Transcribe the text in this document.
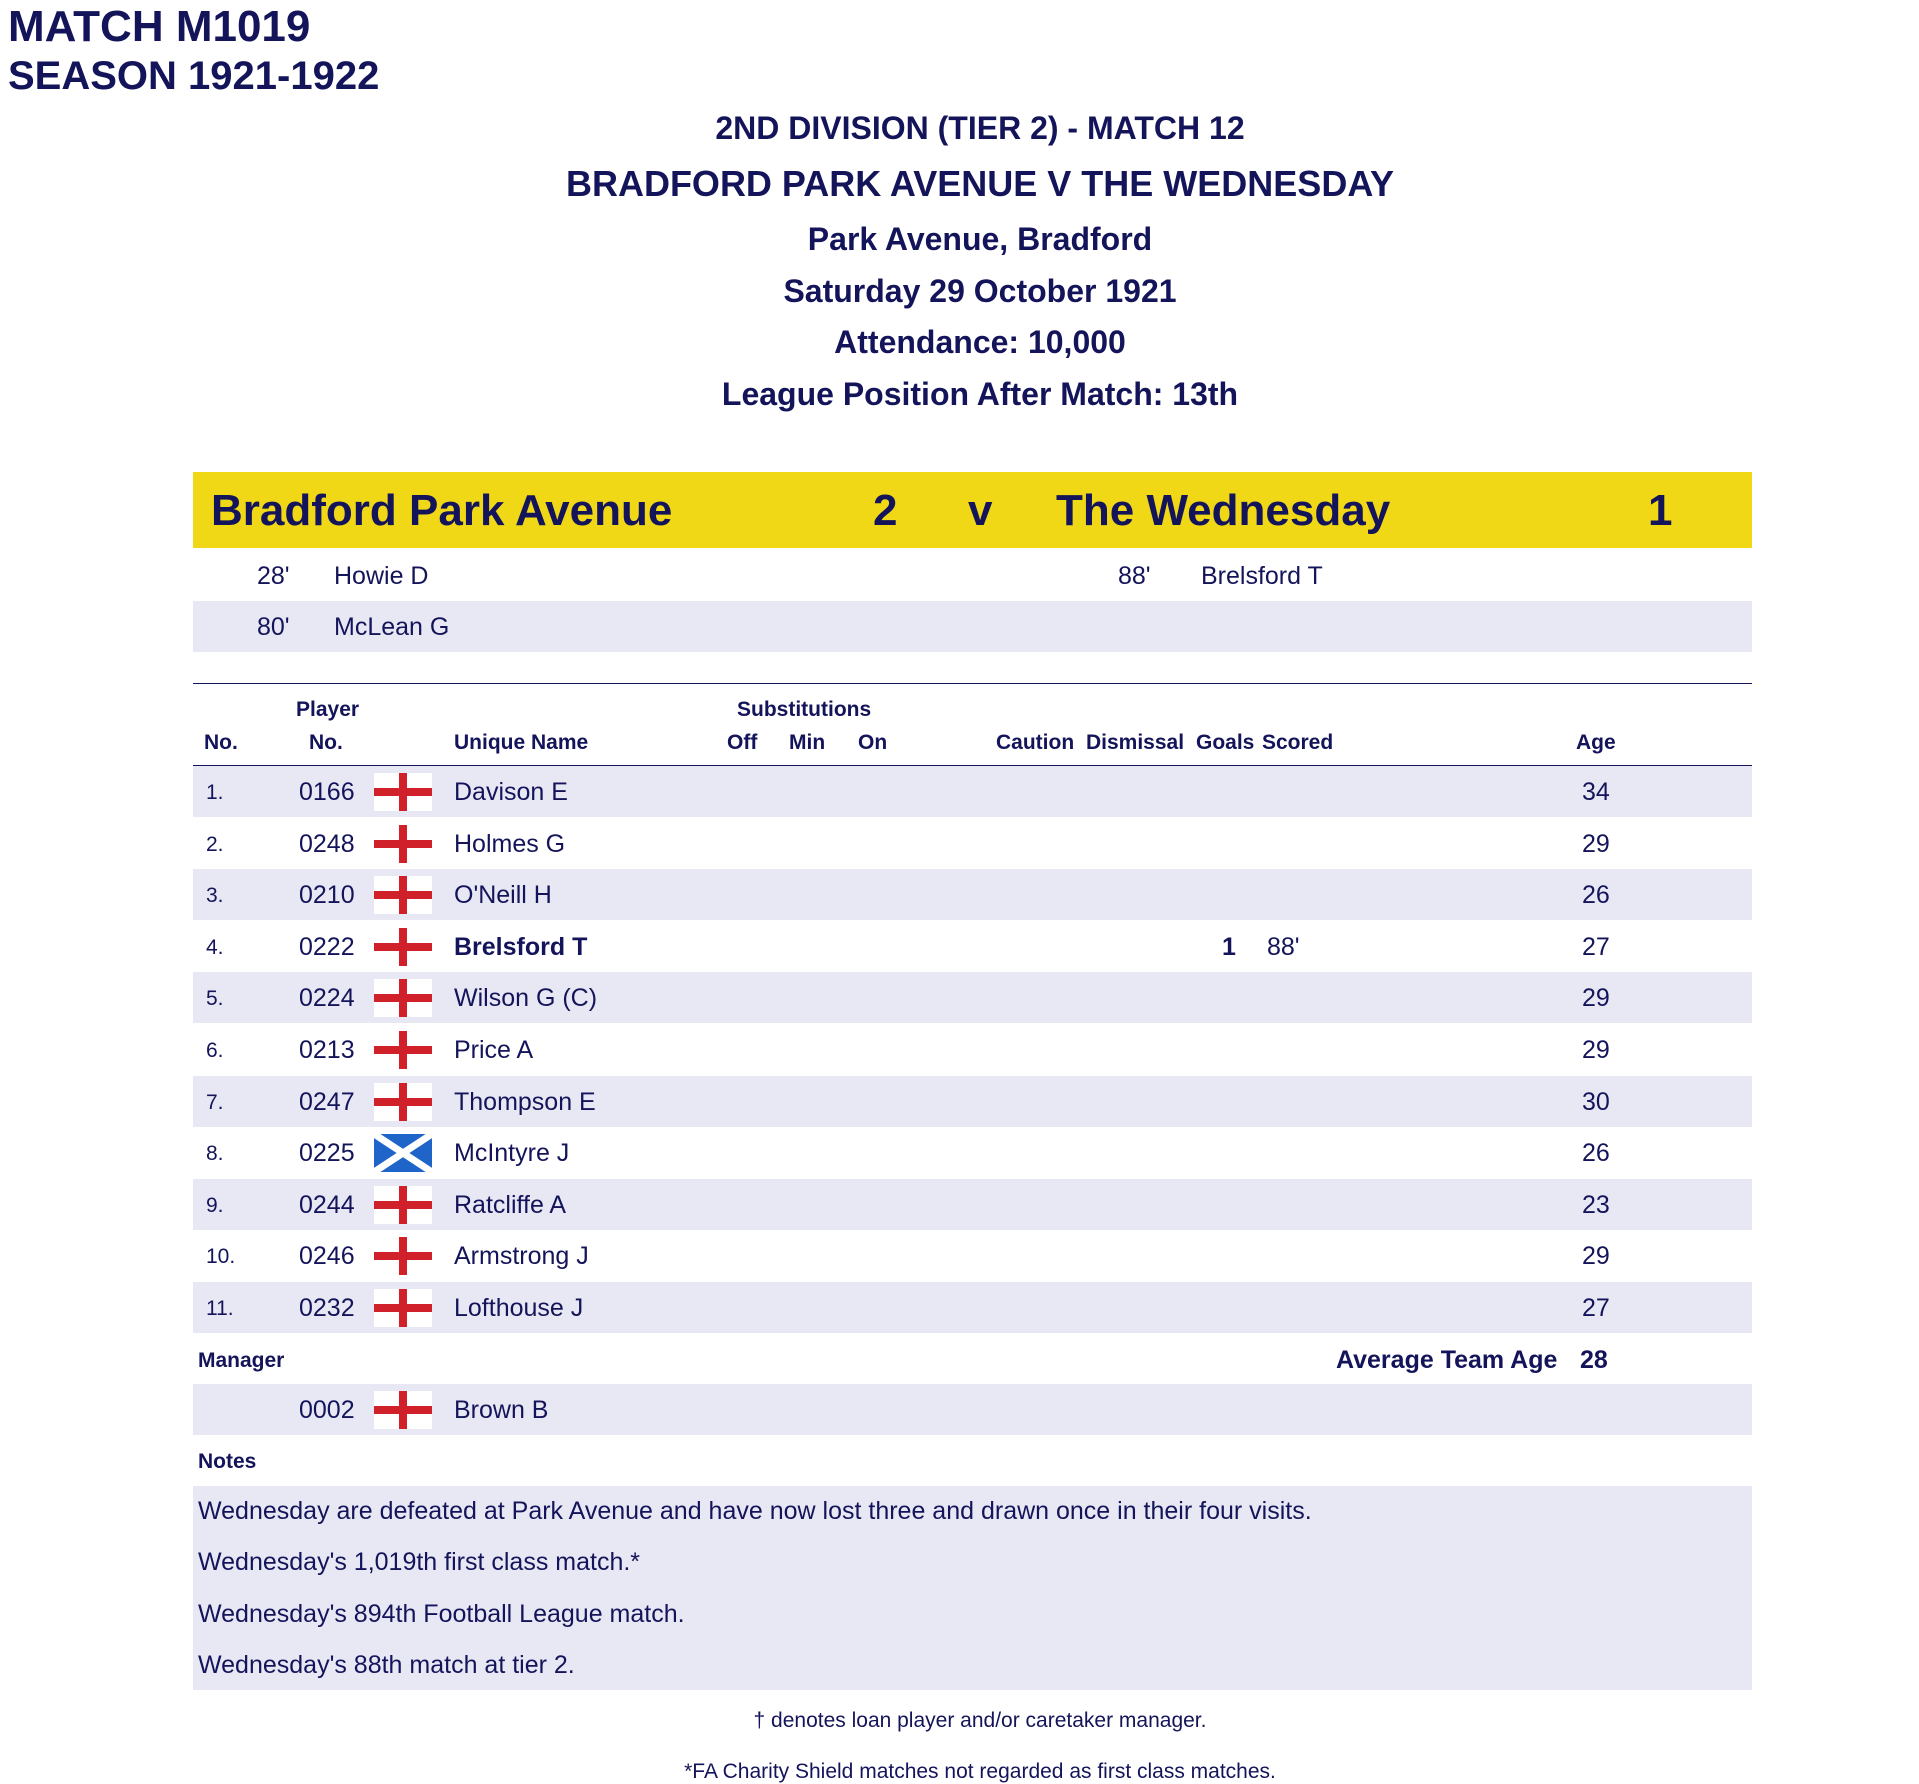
MATCH M1019
SEASON 1921-1922
2ND DIVISION (TIER 2) - MATCH 12
BRADFORD PARK AVENUE V THE WEDNESDAY
Park Avenue, Bradford
Saturday 29 October 1921
Attendance: 10,000
League Position After Match: 13th
Bradford Park Avenue	2 v The Wednesday	1
28' Howie D	88' Brelsford T
80' McLean G
No.
Player
No.	Unique Name
Substitutions
Off Min On	Caution Dismissal Goals Scored	Age
1.	0166	Davison E	34
2.	0248	Holmes G	29
3.	0210	O'Neill H	26
4.	0222	Brelsford T	1 88'	27
5.	0224	Wilson G (C)	29
6.	0213	Price A	29
7.	0247	Thompson E	30
8.	0225	McIntyre J	26
9.	0244	Ratcliffe A	23
10.	0246	Armstrong J	29
11.	0232	Lofthouse J	27
Manager	Average Team Age 28
0002	Brown B
Notes
Wednesday are defeated at Park Avenue and have now lost three and drawn once in their four visits.
Wednesday's 1,019th first class match.*
Wednesday's 894th Football League match.
Wednesday's 88th match at tier 2.
† denotes loan player and/or caretaker manager.
*FA Charity Shield matches not regarded as first class matches.
